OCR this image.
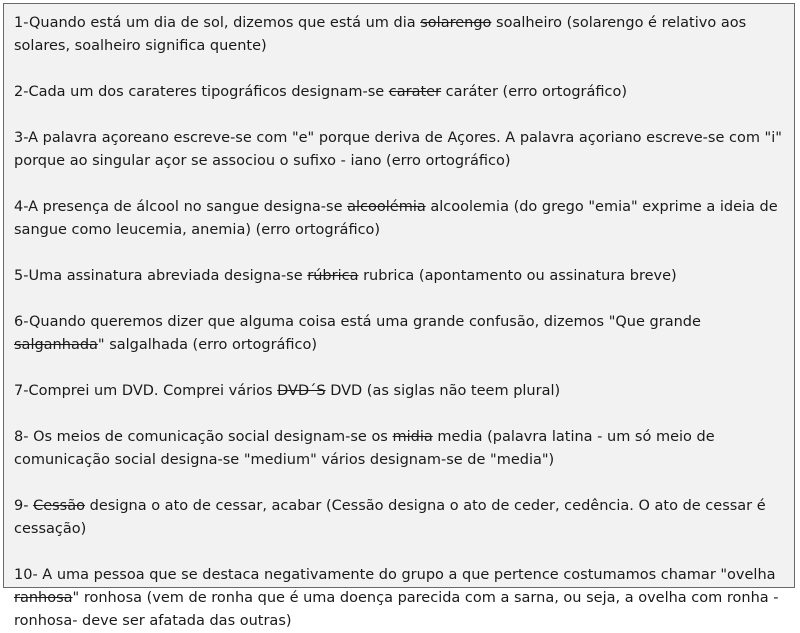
1-Quando está um dia de sol, dizemos que está um dia solarengo soalheiro (solarengo é relativo aos solares, soalheiro significa quente)
2-Cada um dos carateres tipográficos designam-se carater caráter (erro ortográfico)
3-A palavra açoreano escreve-se com "e" porque deriva de Açores. A palavra açoriano escreve-se com "i" porque ao singular açor se associou o sufixo - iano (erro ortográfico)
4-A presença de álcool no sangue designa-se alcoolémia alcoolemia (do grego "emia" exprime a ideia de sangue como leucemia, anemia) (erro ortográfico)
5-Uma assinatura abreviada designa-se rúbrica rubrica (apontamento ou assinatura breve)
6-Quando queremos dizer que alguma coisa está uma grande confusão, dizemos "Que grande salganhada" salgalhada (erro ortográfico)
7-Comprei um DVD. Comprei vários DVD´S DVD (as siglas não teem plural)
8- Os meios de comunicação social designam-se os midia media (palavra latina - um só meio de comunicação social designa-se "medium" vários designam-se de "media")
9- Cessão designa o ato de cessar, acabar (Cessão designa o ato de ceder, cedência. O ato de cessar é cessação)
10- A uma pessoa que se destaca negativamente do grupo a que pertence costumamos chamar "ovelha ranhosa" ronhosa (vem de ronha que é uma doença parecida com a sarna, ou seja, a ovelha com ronha - ronhosa- deve ser afatada das outras)
